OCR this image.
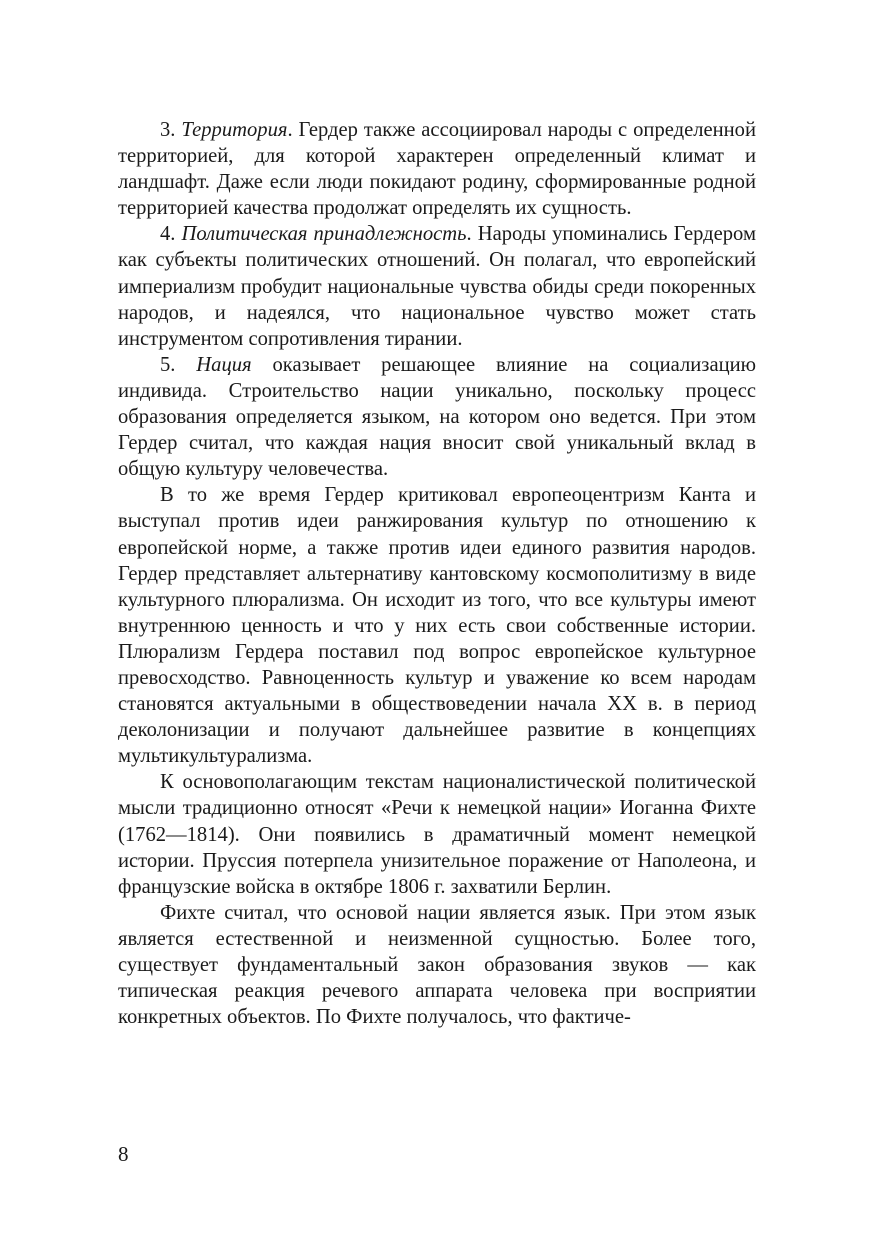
3. Территория. Гердер также ассоциировал народы с определенной территорией, для которой характерен определенный климат и ландшафт. Даже если люди покидают родину, сформированные родной территорией качества продолжат определять их сущность.

4. Политическая принадлежность. Народы упоминались Гердером как субъекты политических отношений. Он полагал, что европейский империализм пробудит национальные чувства обиды среди покоренных народов, и надеялся, что национальное чувство может стать инструментом сопротивления тирании.

5. Нация оказывает решающее влияние на социализацию индивида. Строительство нации уникально, поскольку процесс образования определяется языком, на котором оно ведется. При этом Гердер считал, что каждая нация вносит свой уникальный вклад в общую культуру человечества.

В то же время Гердер критиковал европеоцентризм Канта и выступал против идеи ранжирования культур по отношению к европейской норме, а также против идеи единого развития народов. Гердер представляет альтернативу кантовскому космополитизму в виде культурного плюрализма. Он исходит из того, что все культуры имеют внутреннюю ценность и что у них есть свои собственные истории. Плюрализм Гердера поставил под вопрос европейское культурное превосходство. Равноценность культур и уважение ко всем народам становятся актуальными в обществоведении начала XX в. в период деколонизации и получают дальнейшее развитие в концепциях мультикультурализма.

К основополагающим текстам националистической политической мысли традиционно относят «Речи к немецкой нации» Иоганна Фихте (1762—1814). Они появились в драматичный момент немецкой истории. Пруссия потерпела унизительное поражение от Наполеона, и французские войска в октябре 1806 г. захватили Берлин.

Фихте считал, что основой нации является язык. При этом язык является естественной и неизменной сущностью. Более того, существует фундаментальный закон образования звуков — как типическая реакция речевого аппарата человека при восприятии конкретных объектов. По Фихте получалось, что фактиче-

8
